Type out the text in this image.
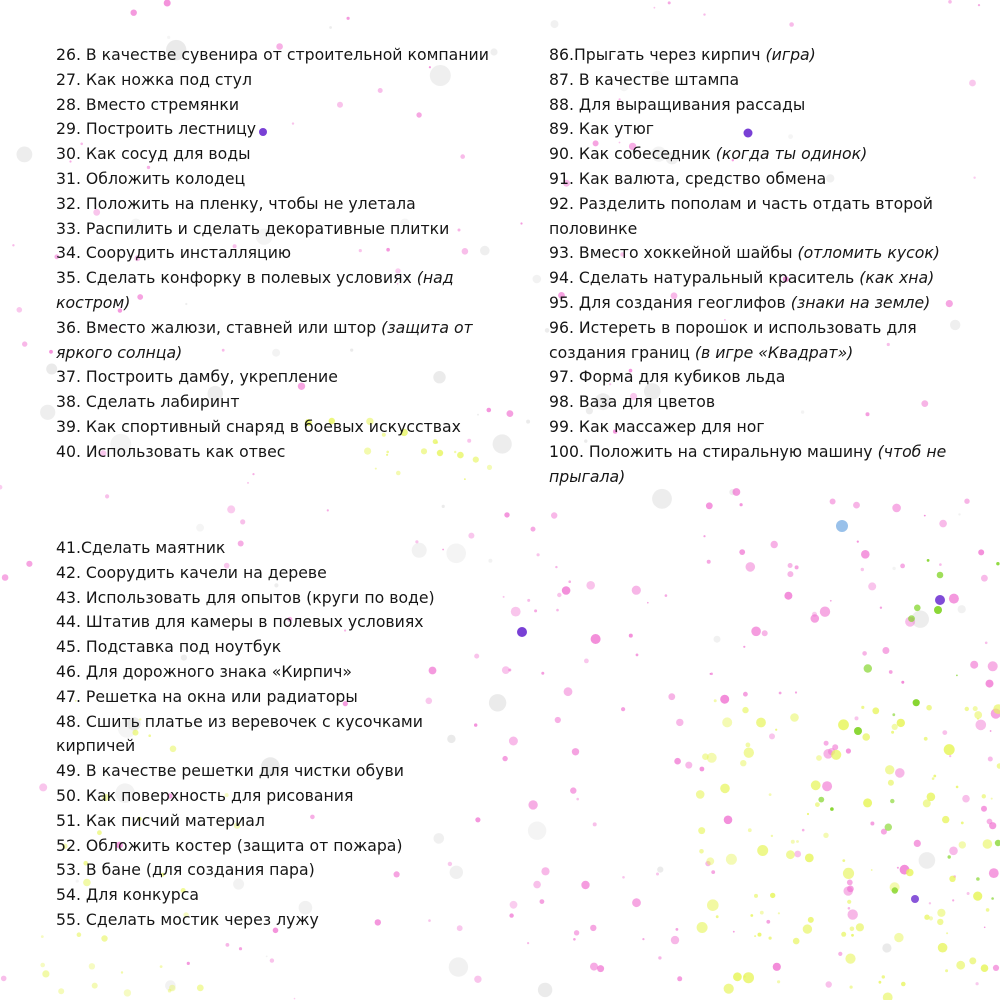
26. В качестве сувенира от строительной компании
27. Как ножка под стул
28. Вместо стремянки
29. Построить лестницу
30. Как сосуд для воды
31. Обложить колодец
32. Положить на пленку, чтобы не улетала
33. Распилить и сделать декоративные плитки
34. Соорудить инсталляцию
35. Сделать конфорку в полевых условиях (над костром)
36. Вместо жалюзи, ставней или штор (защита от яркого солнца)
37. Построить дамбу, укрепление
38. Сделать лабиринт
39. Как спортивный снаряд в боевых искусствах
40. Использовать как отвес
86.Прыгать через кирпич (игра)
87. В качестве штампа
88. Для выращивания рассады
89. Как утюг
90. Как собеседник (когда ты одинок)
91. Как валюта, средство обмена
92. Разделить пополам и часть отдать второй половинке
93. Вместо хоккейной шайбы (отломить кусок)
94. Сделать натуральный краситель (как хна)
95. Для создания геоглифов (знаки на земле)
96. Истереть в порошок и использовать для создания границ (в игре «Квадрат»)
97. Форма для кубиков льда
98. Ваза для цветов
99. Как массажер для ног
100. Положить на стиральную машину (чтоб не прыгала)
41.Сделать маятник
42. Соорудить качели на дереве
43. Использовать для опытов (круги по воде)
44. Штатив для камеры в полевых условиях
45. Подставка под ноутбук
46. Для дорожного знака «Кирпич»
47. Решетка на окна или радиаторы
48. Сшить платье из веревочек с кусочками кирпичей
49. В качестве решетки для чистки обуви
50. Как поверхность для рисования
51. Как писчий материал
52. Обложить костер (защита от пожара)
53. В бане (для создания пара)
54. Для конкурса
55. Сделать мостик через лужу
